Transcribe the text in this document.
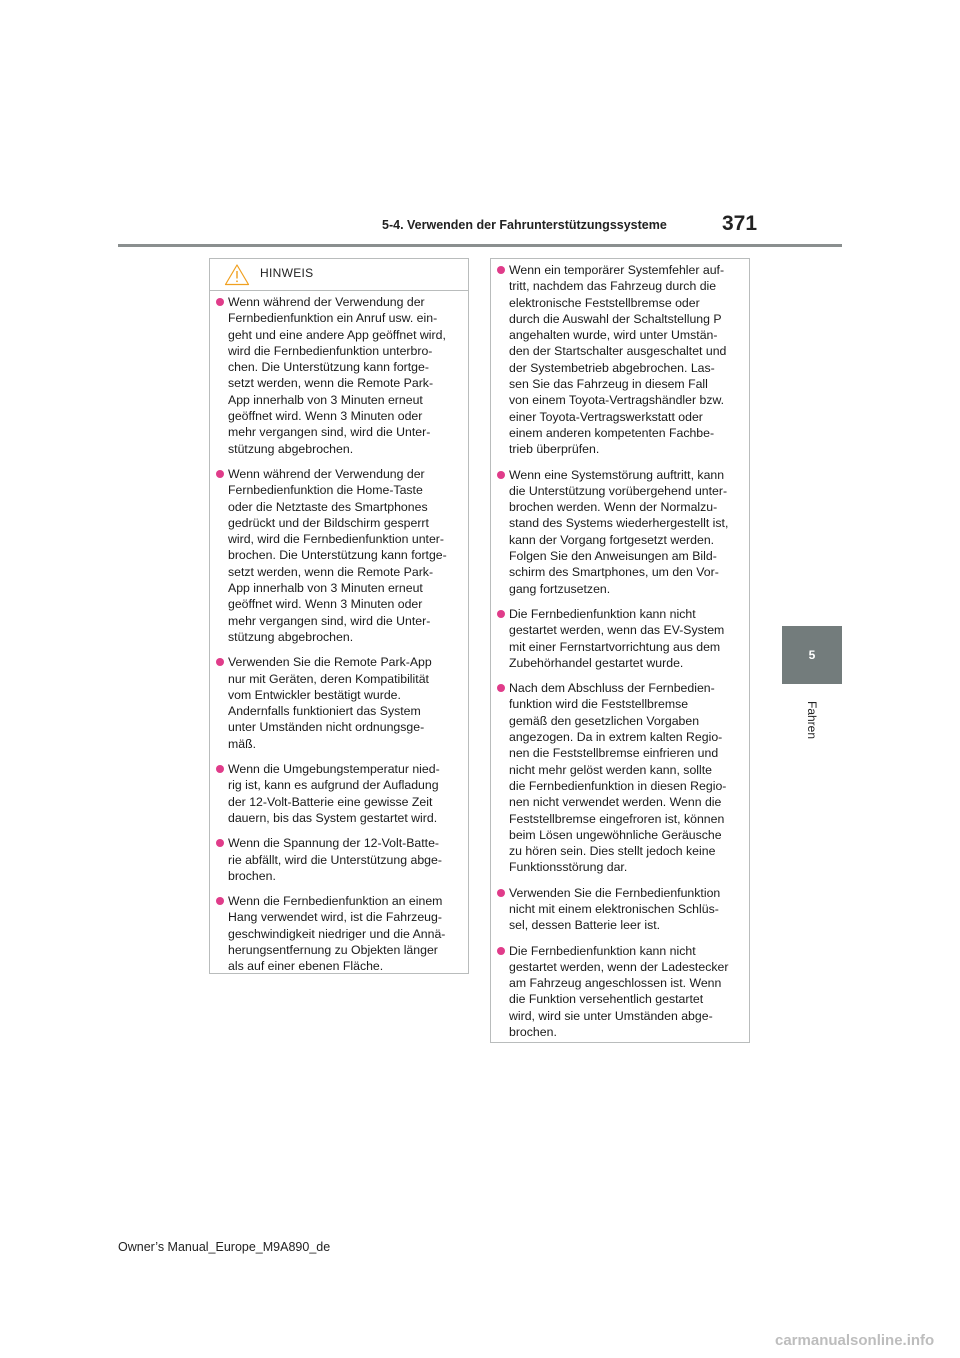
5-4. Verwenden der Fahrunterstützungssysteme	371
5
Fahren
HINWEIS
Wenn während der Verwendung der
Fernbedienfunktion ein Anruf usw. ein-
geht und eine andere App geöffnet wird,
wird die Fernbedienfunktion unterbro-
chen. Die Unterstützung kann fortge-
setzt werden, wenn die Remote Park-
App innerhalb von 3 Minuten erneut
geöffnet wird. Wenn 3 Minuten oder
mehr vergangen sind, wird die Unter-
stützung abgebrochen.
Wenn während der Verwendung der
Fernbedienfunktion die Home-Taste
oder die Netztaste des Smartphones
gedrückt und der Bildschirm gesperrt
wird, wird die Fernbedienfunktion unter-
brochen. Die Unterstützung kann fortge-
setzt werden, wenn die Remote Park-
App innerhalb von 3 Minuten erneut
geöffnet wird. Wenn 3 Minuten oder
mehr vergangen sind, wird die Unter-
stützung abgebrochen.
Verwenden Sie die Remote Park-App
nur mit Geräten, deren Kompatibilität
vom Entwickler bestätigt wurde.
Andernfalls funktioniert das System
unter Umständen nicht ordnungsge-
mäß.
Wenn die Umgebungstemperatur nied-
rig ist, kann es aufgrund der Aufladung
der 12-Volt-Batterie eine gewisse Zeit
dauern, bis das System gestartet wird.
Wenn die Spannung der 12-Volt-Batte-
rie abfällt, wird die Unterstützung abge-
brochen.
Wenn die Fernbedienfunktion an einem
Hang verwendet wird, ist die Fahrzeug-
geschwindigkeit niedriger und die Annä-
herungsentfernung zu Objekten länger
als auf einer ebenen Fläche.
Wenn ein temporärer Systemfehler auf-
tritt, nachdem das Fahrzeug durch die
elektronische Feststellbremse oder
durch die Auswahl der Schaltstellung P
angehalten wurde, wird unter Umstän-
den der Startschalter ausgeschaltet und
der Systembetrieb abgebrochen. Las-
sen Sie das Fahrzeug in diesem Fall
von einem Toyota-Vertragshändler bzw.
einer Toyota-Vertragswerkstatt oder
einem anderen kompetenten Fachbe-
trieb überprüfen.
Wenn eine Systemstörung auftritt, kann
die Unterstützung vorübergehend unter-
brochen werden. Wenn der Normalzu-
stand des Systems wiederhergestellt ist,
kann der Vorgang fortgesetzt werden.
Folgen Sie den Anweisungen am Bild-
schirm des Smartphones, um den Vor-
gang fortzusetzen.
Die Fernbedienfunktion kann nicht
gestartet werden, wenn das EV-System
mit einer Fernstartvorrichtung aus dem
Zubehörhandel gestartet wurde.
Nach dem Abschluss der Fernbedien-
funktion wird die Feststellbremse
gemäß den gesetzlichen Vorgaben
angezogen. Da in extrem kalten Regio-
nen die Feststellbremse einfrieren und
nicht mehr gelöst werden kann, sollte
die Fernbedienfunktion in diesen Regio-
nen nicht verwendet werden. Wenn die
Feststellbremse eingefroren ist, können
beim Lösen ungewöhnliche Geräusche
zu hören sein. Dies stellt jedoch keine
Funktionsstörung dar.
Verwenden Sie die Fernbedienfunktion
nicht mit einem elektronischen Schlüs-
sel, dessen Batterie leer ist.
Die Fernbedienfunktion kann nicht
gestartet werden, wenn der Ladestecker
am Fahrzeug angeschlossen ist. Wenn
die Funktion versehentlich gestartet
wird, wird sie unter Umständen abge-
brochen.
Owner’s Manual_Europe_M9A890_de
carmanualsonline.info
